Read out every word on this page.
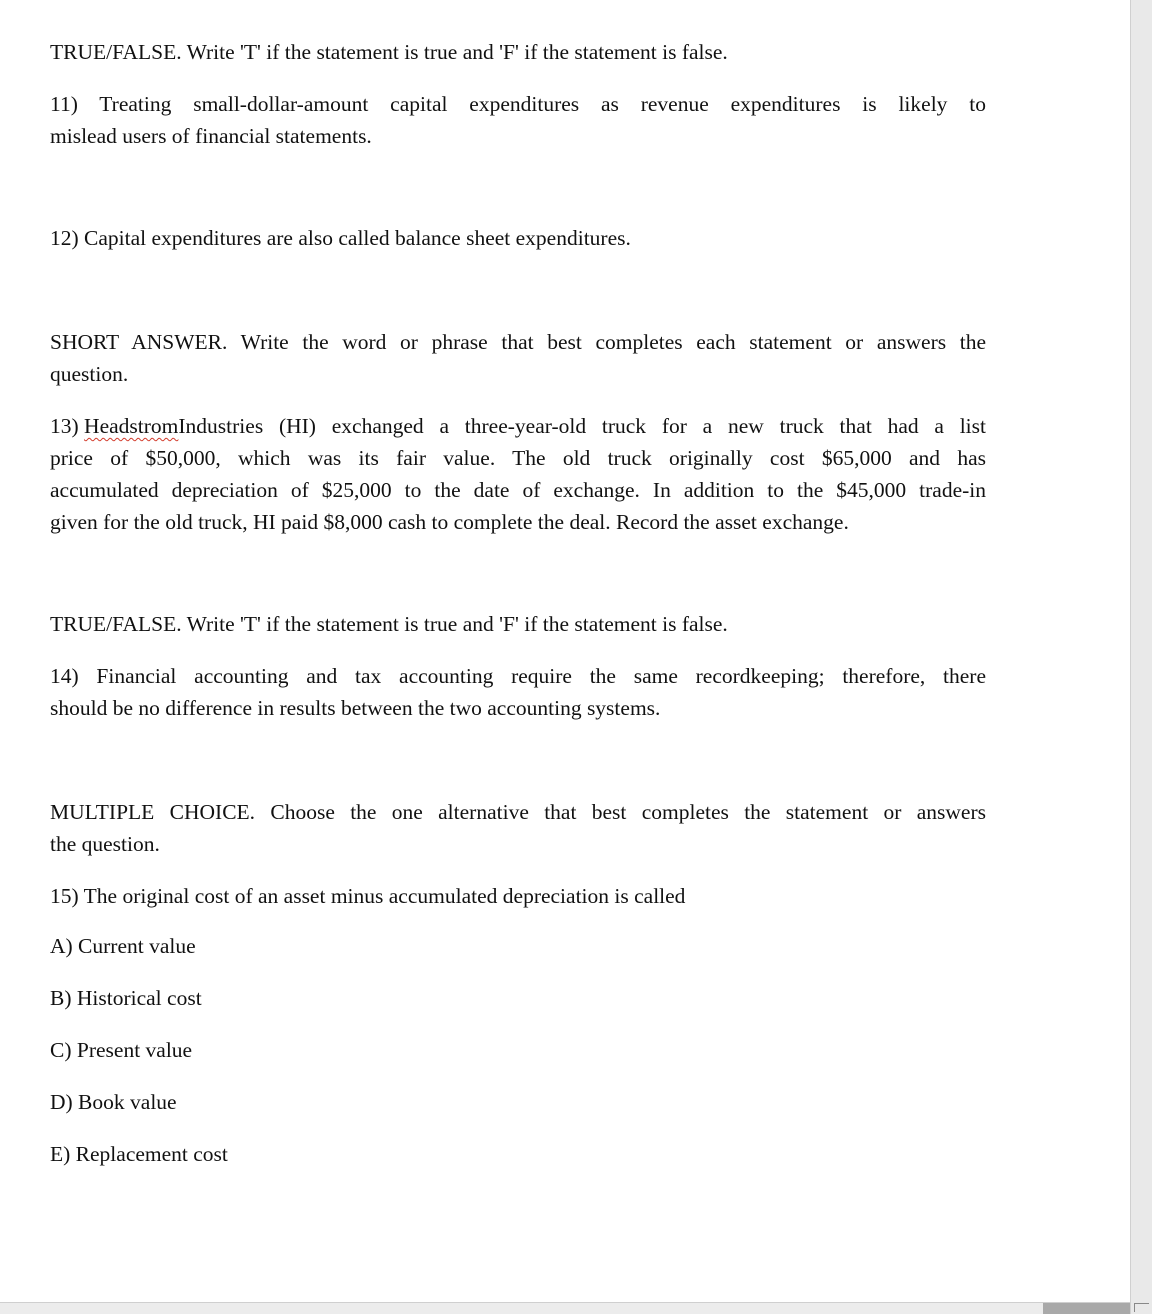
TRUE/FALSE. Write 'T' if the statement is true and 'F' if the statement is false.
11) Treating small-dollar-amount capital expenditures as revenue expenditures is likely to
mislead users of financial statements.
12) Capital expenditures are also called balance sheet expenditures.
SHORT ANSWER. Write the word or phrase that best completes each statement or answers the
question.
13) Headstrom Industries (HI) exchanged a three-year-old truck for a new truck that had a list
price of $50,000, which was its fair value. The old truck originally cost $65,000 and has
accumulated depreciation of $25,000 to the date of exchange. In addition to the $45,000 trade-in
given for the old truck, HI paid $8,000 cash to complete the deal. Record the asset exchange.
TRUE/FALSE. Write 'T' if the statement is true and 'F' if the statement is false.
14) Financial accounting and tax accounting require the same recordkeeping; therefore, there
should be no difference in results between the two accounting systems.
MULTIPLE CHOICE. Choose the one alternative that best completes the statement or answers
the question.
15) The original cost of an asset minus accumulated depreciation is called
A) Current value
B) Historical cost
C) Present value
D) Book value
E) Replacement cost
